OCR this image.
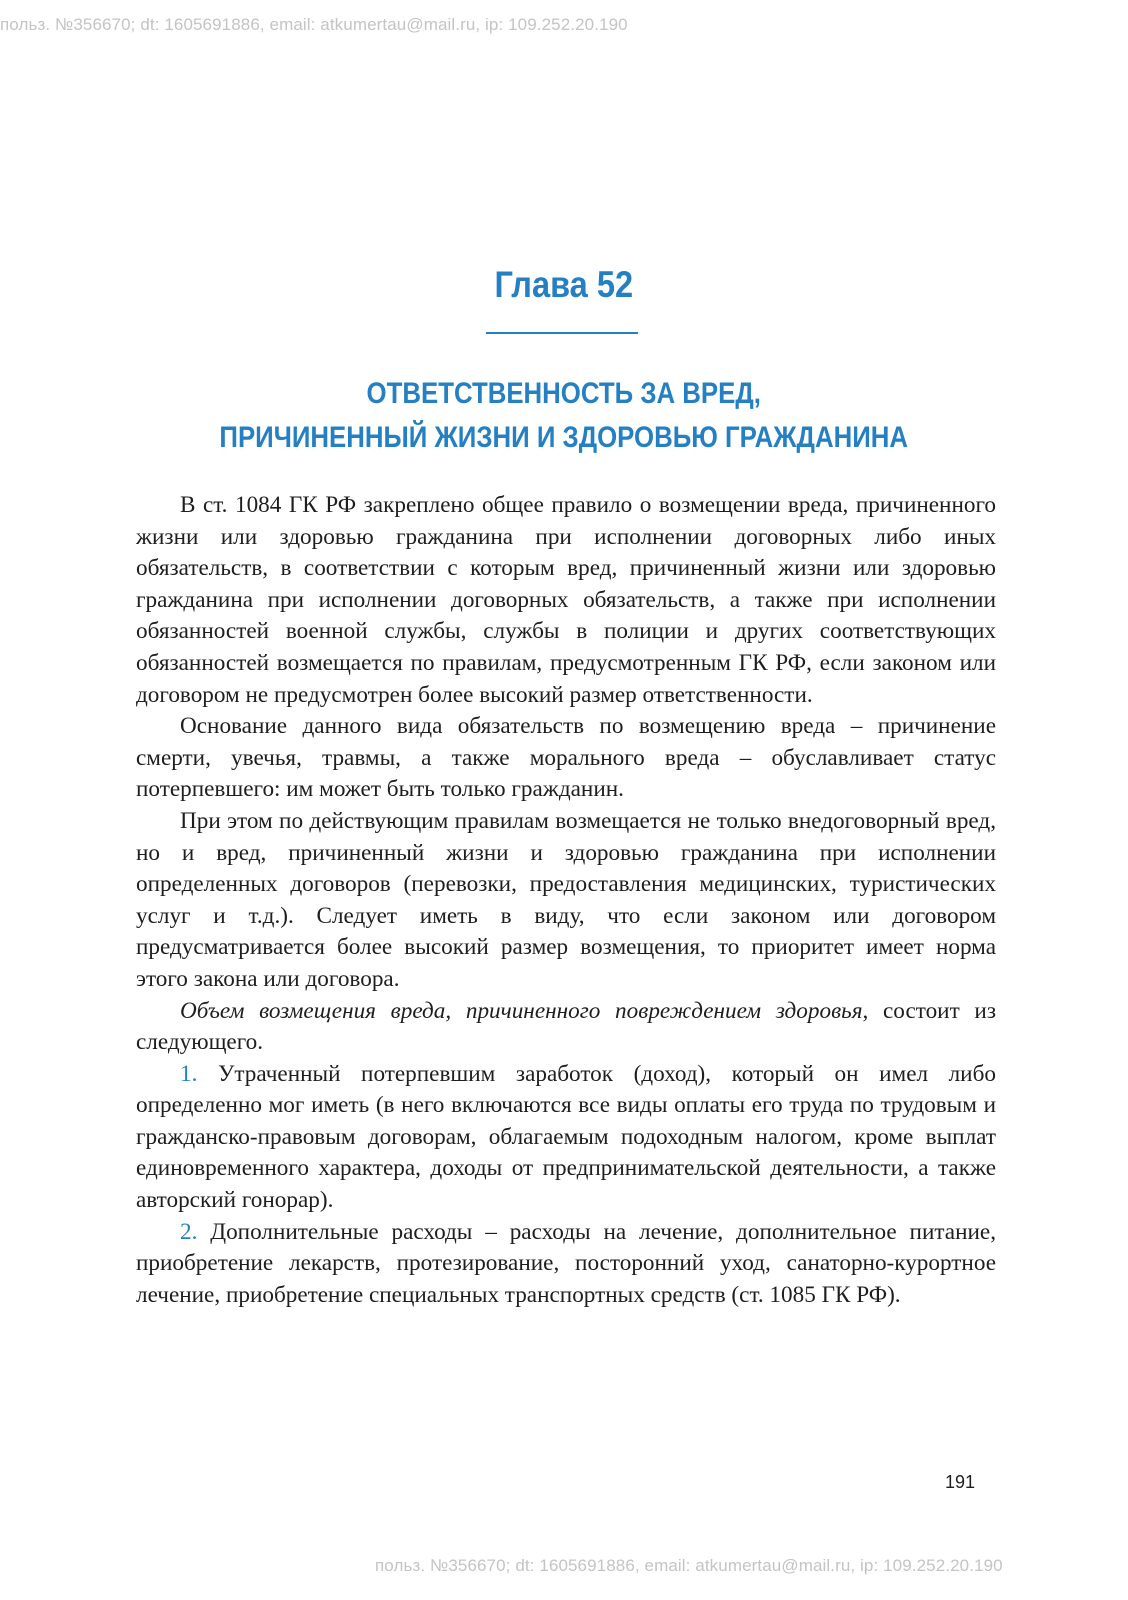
польз. №356670; dt: 1605691886, email: atkumertau@mail.ru, ip: 109.252.20.190
Глава 52
ОТВЕТСТВЕННОСТЬ ЗА ВРЕД,
ПРИЧИНЕННЫЙ ЖИЗНИ И ЗДОРОВЬЮ ГРАЖДАНИНА

В ст. 1084 ГК РФ закреплено общее правило о возмещении вреда, причиненного жизни или здоровью гражданина при исполнении договорных либо иных обязательств, в соответствии с которым вред, причиненный жизни или здоровью гражданина при исполнении договорных обязательств, а также при исполнении обязанностей военной службы, службы в полиции и других соответствующих обязанностей возмещается по правилам, предусмотренным ГК РФ, если законом или договором не предусмотрен более высокий размер ответственности.

Основание данного вида обязательств по возмещению вреда – причинение смерти, увечья, травмы, а также морального вреда – обуславливает статус потерпевшего: им может быть только гражданин.

При этом по действующим правилам возмещается не только внедоговорный вред, но и вред, причиненный жизни и здоровью гражданина при исполнении определенных договоров (перевозки, предоставления медицинских, туристических услуг и т.д.). Следует иметь в виду, что если законом или договором предусматривается более высокий размер возмещения, то приоритет имеет норма этого закона или договора.

Объем возмещения вреда, причиненного повреждением здоровья, состоит из следующего.

1. Утраченный потерпевшим заработок (доход), который он имел либо определенно мог иметь (в него включаются все виды оплаты его труда по трудовым и гражданско-правовым договорам, облагаемым подоходным налогом, кроме выплат единовременного характера, доходы от предпринимательской деятельности, а также авторский гонорар).

2. Дополнительные расходы – расходы на лечение, дополнительное питание, приобретение лекарств, протезирование, посторонний уход, санаторно-курортное лечение, приобретение специальных транспортных средств (ст. 1085 ГК РФ).

191
польз. №356670; dt: 1605691886, email: atkumertau@mail.ru, ip: 109.252.20.190
